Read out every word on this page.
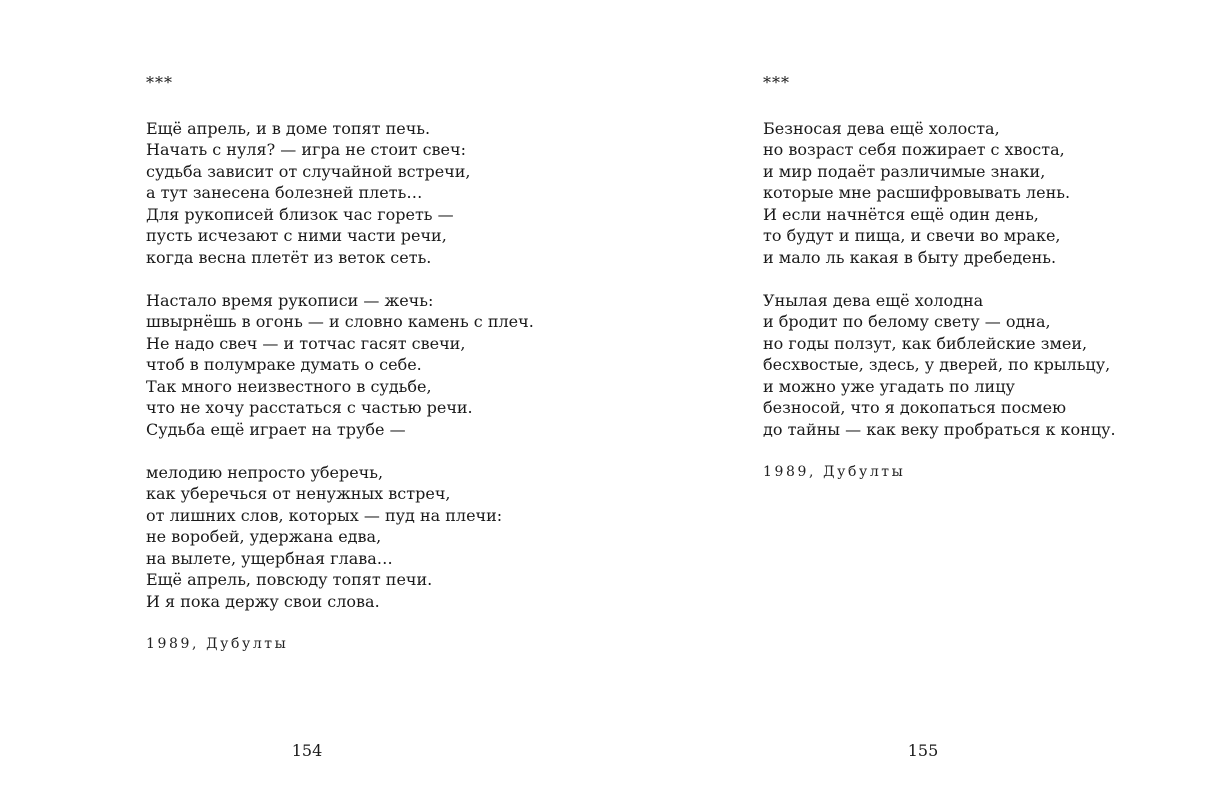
***
Ещё апрель, и в доме топят печь.
Начать с нуля? — игра не стоит свеч:
судьба зависит от случайной встречи,
а тут занесена болезней плеть…
Для рукописей близок час гореть —
пусть исчезают с ними части речи,
когда весна плетёт из веток сеть.
Настало время рукописи — жечь:
швырнёшь в огонь — и словно камень с плеч.
Не надо свеч — и тотчас гасят свечи,
чтоб в полумраке думать о себе.
Так много неизвестного в судьбе,
что не хочу расстаться с частью речи.
Судьба ещё играет на трубе —
мелодию непросто уберечь,
как уберечься от ненужных встреч,
от лишних слов, которых — пуд на плечи:
не воробей, удержана едва,
на вылете, ущербная глава…
Ещё апрель, повсюду топят печи.
И я пока держу свои слова.
1989, Дубулты
154
***
Безносая дева ещё холоста,
но возраст себя пожирает с хвоста,
и мир подаёт различимые знаки,
которые мне расшифровывать лень.
И если начнётся ещё один день,
то будут и пища, и свечи во мраке,
и мало ль какая в быту дребедень.
Унылая дева ещё холодна
и бродит по белому свету — одна,
но годы ползут, как библейские змеи,
бесхвостые, здесь, у дверей, по крыльцу,
и можно уже угадать по лицу
безносой, что я докопаться посмею
до тайны — как веку пробраться к концу.
1989, Дубулты
155
